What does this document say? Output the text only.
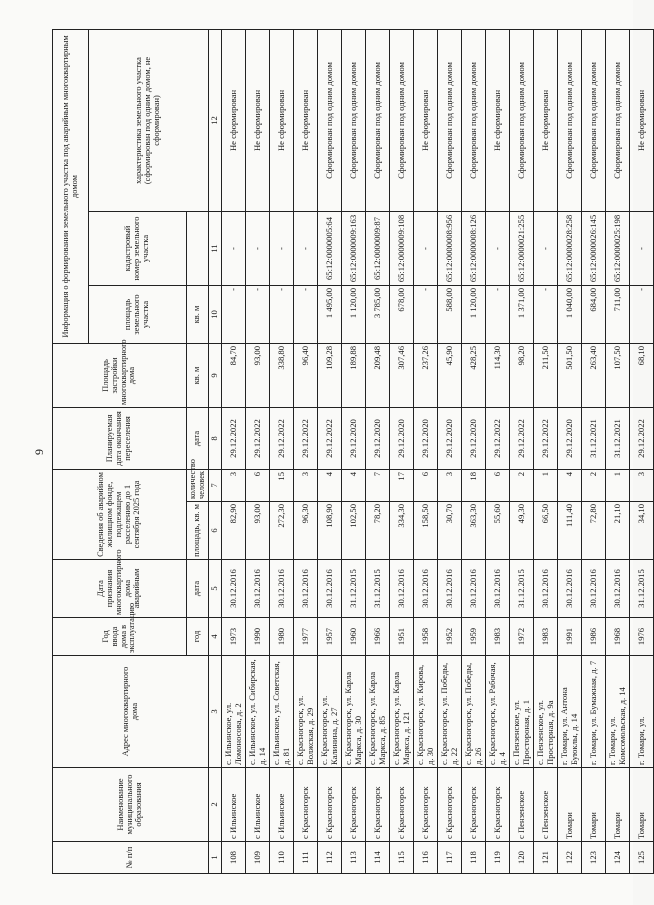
9
№ п/п	Наименование муниципального образования	Адрес многоквартирного дома	Год ввода дома в эксплуатацию	Дата признания многоквартирного дома аварийным	Сведения об аварийном жилищном фонде, подлежащем расселению до 1 сентября 2025 года		Планируемая дата окончания переселения	Площадь застройки многоквартирного дома	Информация о формировании земельного участка под аварийным многоквартирным домом		
									площадь земельного участка	кадастровый номер земельного участка	характеристика земельного участка (сформирован под одним домом, не сформирован)
			год	дата	площадь, кв. м	количество человек	дата	кв. м	кв. м		
1	2	3	4	5	6	7	8	9	10	11	12
108	с Ильинское	с. Ильинское, ул. Ломоносова, д. 2	1973	30.12.2016	82,90	3	29.12.2022	84,70	-	-	Не сформирован
109	с Ильинское	с. Ильинское, ул. Сибирская, д. 14	1990	30.12.2016	93,00	6	29.12.2022	93,00	-	-	Не сформирован
110	с Ильинское	с. Ильинское, ул. Советская, д. 81	1980	30.12.2016	272,30	15	29.12.2022	338,80	-	-	Не сформирован
111	с Красногорск	с. Красногорск, ул. Волжская, д. 29	1977	30.12.2016	96,30	3	29.12.2022	96,40	-	-	Не сформирован
112	с Красногорск	с. Красногорск, ул. Калинина, д. 27	1957	30.12.2016	108,90	4	29.12.2022	109,28	1 495,00	65:12:0000005:64	Сформирован под одним домом
113	с Красногорск	с. Красногорск, ул. Карла Маркса, д. 30	1960	31.12.2015	102,50	4	29.12.2020	189,88	1 120,00	65:12:0000009:163	Сформирован под одним домом
114	с Красногорск	с. Красногорск, ул. Карла Маркса, д. 85	1966	31.12.2015	78,20	7	29.12.2020	209,48	3 785,00	65:12:0000009:87	Сформирован под одним домом
115	с Красногорск	с. Красногорск, ул. Карла Маркса, д. 121	1951	30.12.2016	334,30	17	29.12.2020	307,46	678,00	65:12:0000009:108	Сформирован под одним домом
116	с Красногорск	с. Красногорск, ул. Кирова, д. 30	1958	30.12.2016	158,50	6	29.12.2020	237,26	-	-	Не сформирован
117	с Красногорск	с. Красногорск, ул. Победы, д. 22	1952	30.12.2016	30,70	3	29.12.2020	45,90	588,00	65:12:0000008:956	Сформирован под одним домом
118	с Красногорск	с. Красногорск, ул. Победы, д. 26	1959	30.12.2016	363,30	18	29.12.2020	428,25	1 120,00	65:12:0000008:126	Сформирован под одним домом
119	с Красногорск	с. Красногорск, ул. Рабочая, д. 4	1983	30.12.2016	55,60	6	29.12.2022	114,30	-	-	Не сформирован
120	с Пензенское	с. Пензенское, ул. Простороная, д. 1	1972	31.12.2015	49,30	2	29.12.2022	98,20	1 371,00	65:12:0000021:255	Сформирован под одним домом
121	с Пензенское	с. Пензенское, ул. Просторная, д. 9а	1983	30.12.2016	66,50	1	29.12.2022	211,50	-	-	Не сформирован
122	Томари	г. Томари, ул. Антона Буюклы, д. 14	1991	30.12.2016	111,40	4	29.12.2020	501,50	1 040,00	65:12:0000028:258	Сформирован под одним домом
123	Томари	г. Томари, ул. Бумажная, д. 7	1986	30.12.2016	72,80	2	31.12.2021	263,40	684,00	65:12:0000026:145	Сформирован под одним домом
124	Томари	г. Томари, ул. Комсомольская, д. 14	1968	30.12.2016	21,10	1	31.12.2021	107,50	711,00	65:12:0000025:198	Сформирован под одним домом
125	Томари	г. Томари, ул.	1976	31.12.2015	34,10	3	29.12.2022	68,10	-	-	Не сформирован
